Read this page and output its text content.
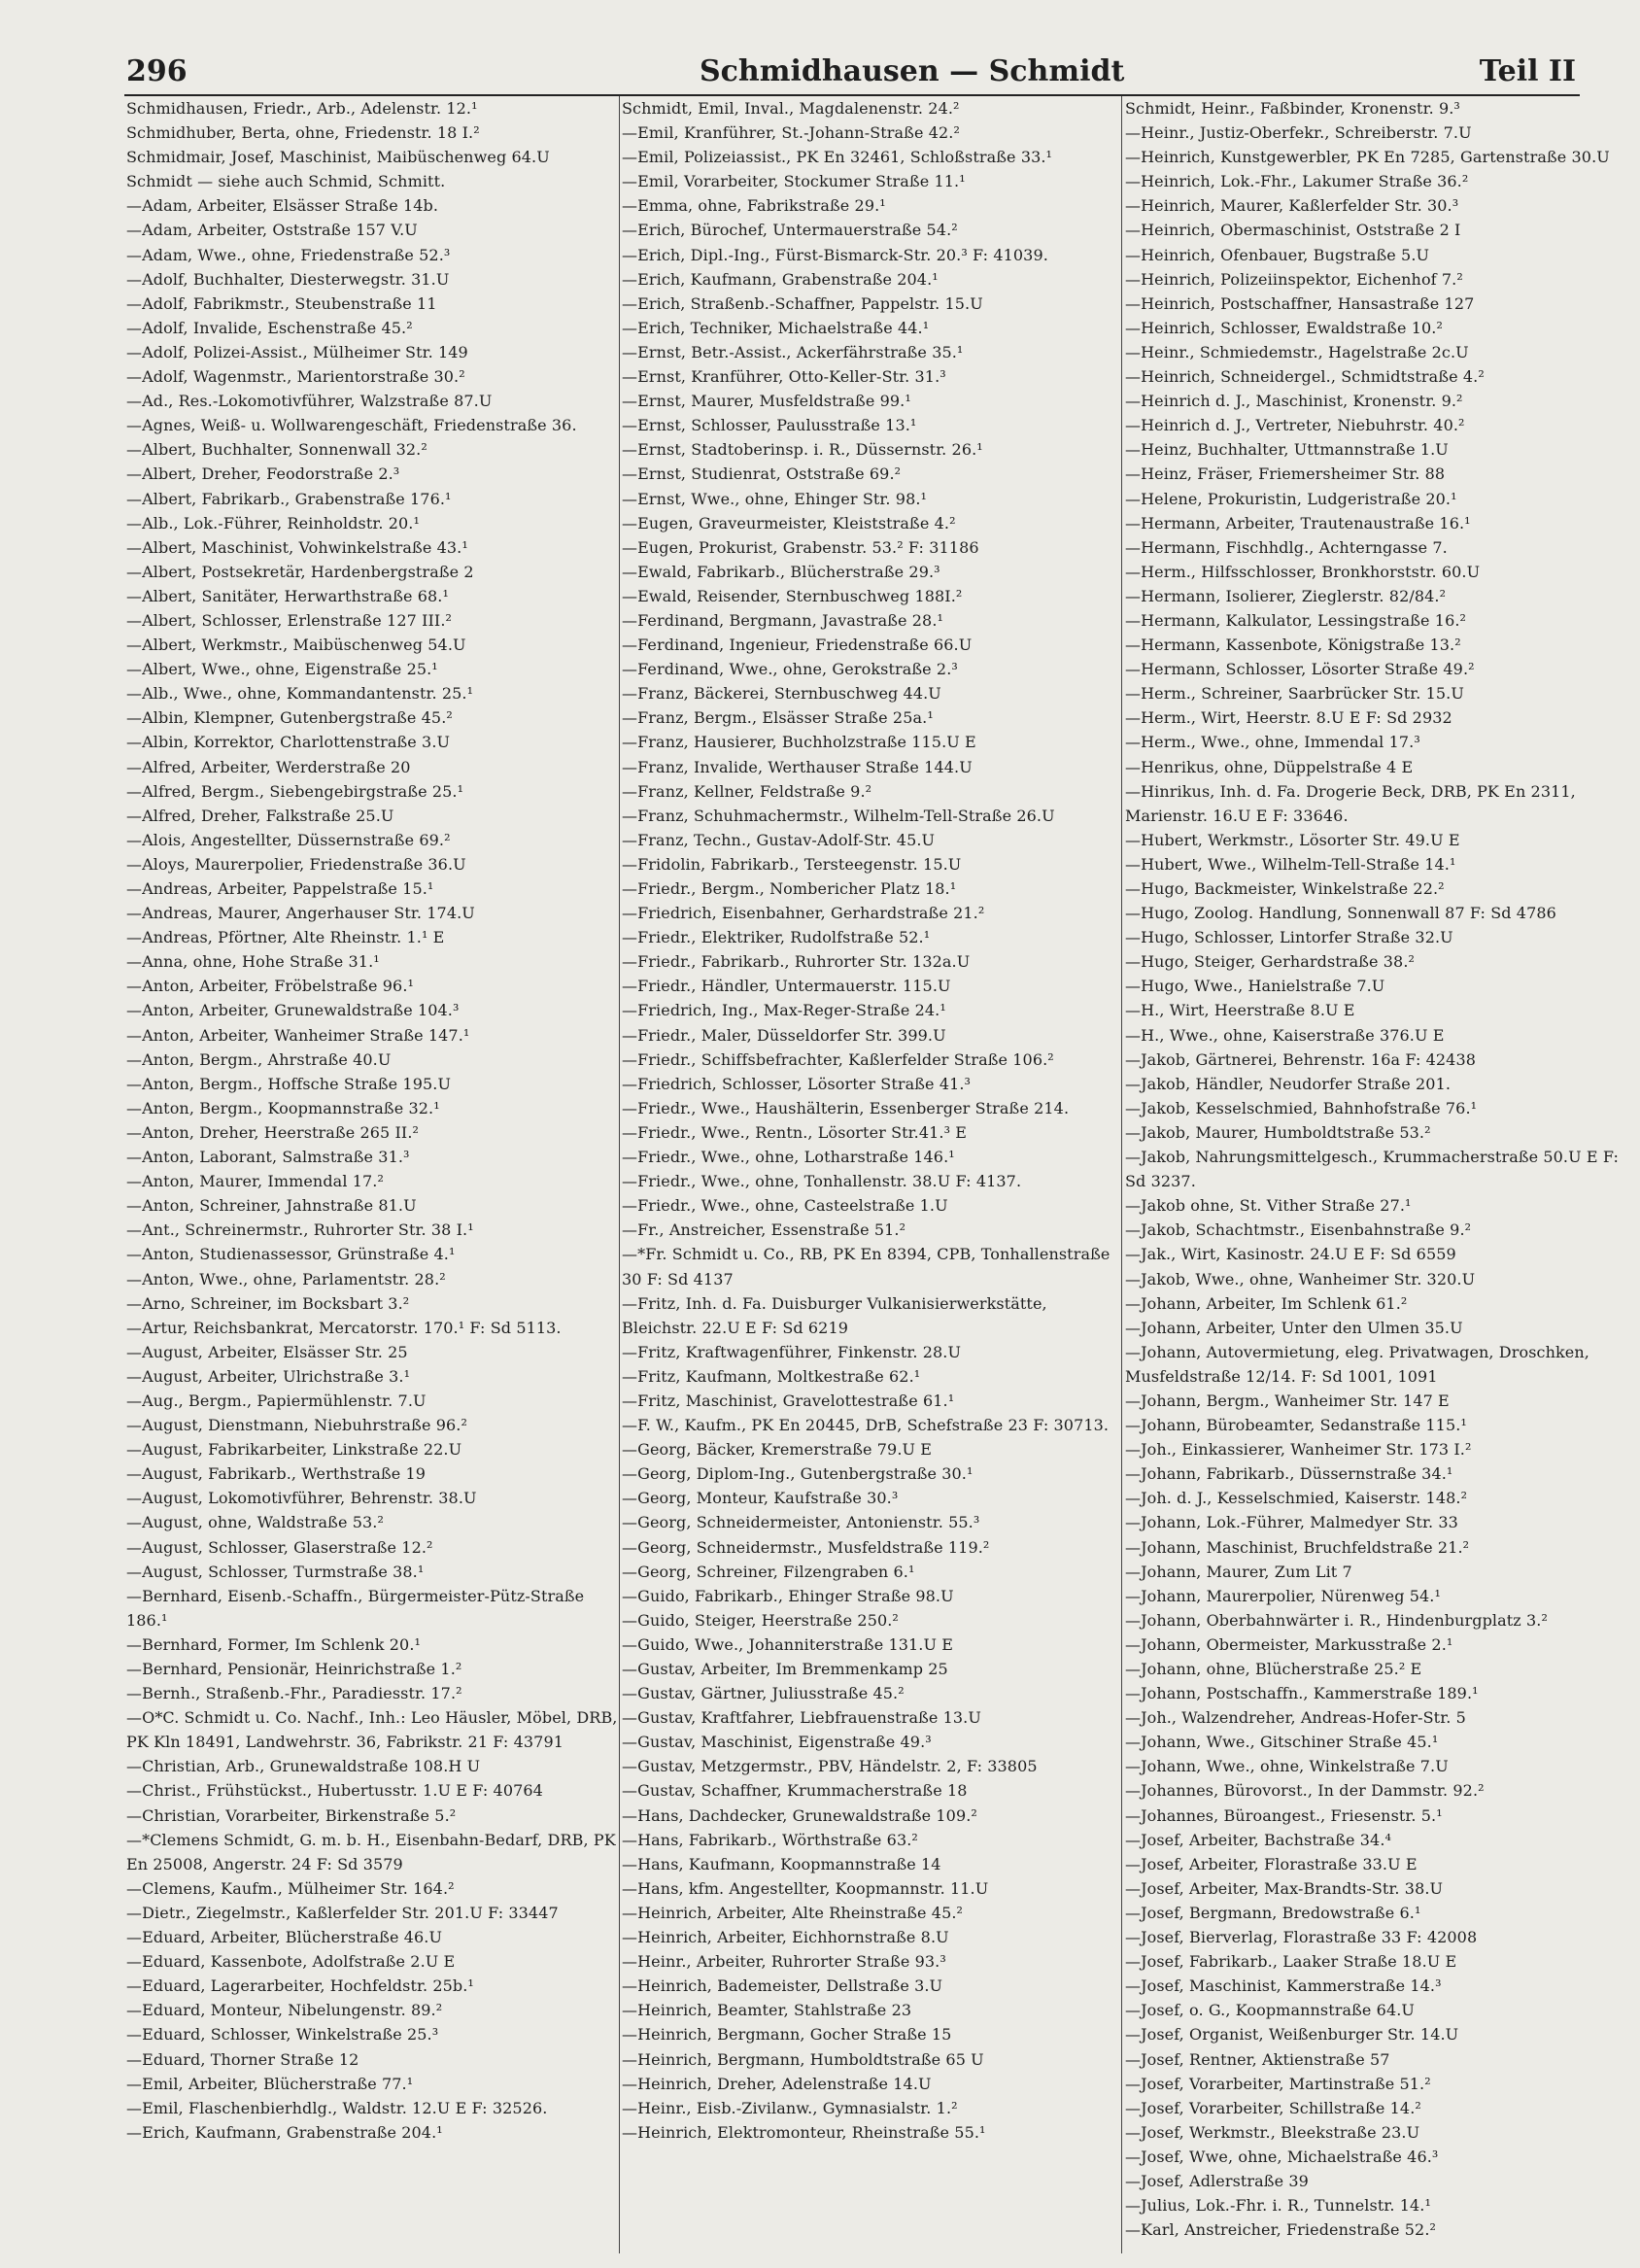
296	Schmidhausen — Schmidt	Teil II

Schmidhausen, Friedr., Arb., Adelenstr. 12.¹

Schmidhuber, Berta, ohne, Friedenstr. 18 I.²

Schmidmair, Josef, Maschinist, Maibüschenweg 64.U

Schmidt — siehe auch Schmid, Schmitt.

—Adam, Arbeiter, Elsässer Straße 14b.

—Adam, Arbeiter, Oststraße 157 V.U

—Adam, Wwe., ohne, Friedenstraße 52.³

—Adolf, Buchhalter, Diesterwegstr. 31.U

—Adolf, Fabrikmstr., Steubenstraße 11

—Adolf, Invalide, Eschenstraße 45.²

—Adolf, Polizei-Assist., Mülheimer Str. 149

—Adolf, Wagenmstr., Marientorstraße 30.²

—Ad., Res.-Lokomotivführer, Walzstraße 87.U

—Agnes, Weiß- u. Wollwarengeschäft, Friedenstraße 36.

—Albert, Buchhalter, Sonnenwall 32.²

—Albert, Dreher, Feodorstraße 2.³

—Albert, Fabrikarb., Grabenstraße 176.¹

—Alb., Lok.-Führer, Reinholdstr. 20.¹

—Albert, Maschinist, Vohwinkelstraße 43.¹

—Albert, Postsekretär, Hardenbergstraße 2

—Albert, Sanitäter, Herwarthstraße 68.¹

—Albert, Schlosser, Erlenstraße 127 III.²

—Albert, Werkmstr., Maibüschenweg 54.U

—Albert, Wwe., ohne, Eigenstraße 25.¹

—Alb., Wwe., ohne, Kommandantenstr. 25.¹

—Albin, Klempner, Gutenbergstraße 45.²

—Albin, Korrektor, Charlottenstraße 3.U

—Alfred, Arbeiter, Werderstraße 20

—Alfred, Bergm., Siebengebirgstraße 25.¹

—Alfred, Dreher, Falkstraße 25.U

—Alois, Angestellter, Düssernstraße 69.²

—Aloys, Maurerpolier, Friedenstraße 36.U

—Andreas, Arbeiter, Pappelstraße 15.¹

—Andreas, Maurer, Angerhauser Str. 174.U

—Andreas, Pförtner, Alte Rheinstr. 1.¹ E

—Anna, ohne, Hohe Straße 31.¹

—Anton, Arbeiter, Fröbelstraße 96.¹

—Anton, Arbeiter, Grunewaldstraße 104.³

—Anton, Arbeiter, Wanheimer Straße 147.¹

—Anton, Bergm., Ahrstraße 40.U

—Anton, Bergm., Hoffsche Straße 195.U

—Anton, Bergm., Koopmannstraße 32.¹

—Anton, Dreher, Heerstraße 265 II.²

—Anton, Laborant, Salmstraße 31.³

—Anton, Maurer, Immendal 17.²

—Anton, Schreiner, Jahnstraße 81.U

—Ant., Schreinermstr., Ruhrorter Str. 38 I.¹

—Anton, Studienassessor, Grünstraße 4.¹

—Anton, Wwe., ohne, Parlamentstr. 28.²

—Arno, Schreiner, im Bocksbart 3.²

—Artur, Reichsbankrat, Mercatorstr. 170.¹ F: Sd 5113.

—August, Arbeiter, Elsässer Str. 25

—August, Arbeiter, Ulrichstraße 3.¹

—Aug., Bergm., Papiermühlenstr. 7.U

—August, Dienstmann, Niebuhrstraße 96.²

—August, Fabrikarbeiter, Linkstraße 22.U

—August, Fabrikarb., Werthstraße 19

—August, Lokomotivführer, Behrenstr. 38.U

—August, ohne, Waldstraße 53.²

—August, Schlosser, Glaserstraße 12.²

—August, Schlosser, Turmstraße 38.¹

—Bernhard, Eisenb.-Schaffn., Bürgermeister-Pütz-Straße 186.¹

—Bernhard, Former, Im Schlenk 20.¹

—Bernhard, Pensionär, Heinrichstraße 1.²

—Bernh., Straßenb.-Fhr., Paradiesstr. 17.²

—O*C. Schmidt u. Co. Nachf., Inh.: Leo Häusler, Möbel, DRB, PK Kln 18491, Landwehrstr. 36, Fabrikstr. 21 F: 43791

—Christian, Arb., Grunewaldstraße 108.H U

—Christ., Frühstückst., Hubertusstr. 1.U E F: 40764

—Christian, Vorarbeiter, Birkenstraße 5.²

—*Clemens Schmidt, G. m. b. H., Eisenbahn-Bedarf, DRB, PK En 25008, Angerstr. 24 F: Sd 3579

—Clemens, Kaufm., Mülheimer Str. 164.²

—Dietr., Ziegelmstr., Kaßlerfelder Str. 201.U F: 33447

—Eduard, Arbeiter, Blücherstraße 46.U

—Eduard, Kassenbote, Adolfstraße 2.U E

—Eduard, Lagerarbeiter, Hochfeldstr. 25b.¹

—Eduard, Monteur, Nibelungenstr. 89.²

—Eduard, Schlosser, Winkelstraße 25.³

—Eduard, Thorner Straße 12

—Emil, Arbeiter, Blücherstraße 77.¹

—Emil, Flaschenbierhdlg., Waldstr. 12.U E F: 32526.

—Erich, Kaufmann, Grabenstraße 204.¹

Schmidt, Emil, Inval., Magdalenenstr. 24.²

—Emil, Kranführer, St.-Johann-Straße 42.²

—Emil, Polizeiassist., PK En 32461, Schloßstraße 33.¹

—Emil, Vorarbeiter, Stockumer Straße 11.¹

—Emma, ohne, Fabrikstraße 29.¹

—Erich, Bürochef, Untermauerstraße 54.²

—Erich, Dipl.-Ing., Fürst-Bismarck-Str. 20.³ F: 41039.

—Erich, Kaufmann, Grabenstraße 204.¹

—Erich, Straßenb.-Schaffner, Pappelstr. 15.U

—Erich, Techniker, Michaelstraße 44.¹

—Ernst, Betr.-Assist., Ackerfährstraße 35.¹

—Ernst, Kranführer, Otto-Keller-Str. 31.³

—Ernst, Maurer, Musfeldstraße 99.¹

—Ernst, Schlosser, Paulusstraße 13.¹

—Ernst, Stadtoberinsp. i. R., Düssernstr. 26.¹

—Ernst, Studienrat, Oststraße 69.²

—Ernst, Wwe., ohne, Ehinger Str. 98.¹

—Eugen, Graveurmeister, Kleiststraße 4.²

—Eugen, Prokurist, Grabenstr. 53.² F: 31186

—Ewald, Fabrikarb., Blücherstraße 29.³

—Ewald, Reisender, Sternbuschweg 188I.²

—Ferdinand, Bergmann, Javastraße 28.¹

—Ferdinand, Ingenieur, Friedenstraße 66.U

—Ferdinand, Wwe., ohne, Gerokstraße 2.³

—Franz, Bäckerei, Sternbuschweg 44.U

—Franz, Bergm., Elsässer Straße 25a.¹

—Franz, Hausierer, Buchholzstraße 115.U E

—Franz, Invalide, Werthauser Straße 144.U

—Franz, Kellner, Feldstraße 9.²

—Franz, Schuhmachermstr., Wilhelm-Tell-Straße 26.U

—Franz, Techn., Gustav-Adolf-Str. 45.U

—Fridolin, Fabrikarb., Tersteegenstr. 15.U

—Friedr., Bergm., Nombericher Platz 18.¹

—Friedrich, Eisenbahner, Gerhardstraße 21.²

—Friedr., Elektriker, Rudolfstraße 52.¹

—Friedr., Fabrikarb., Ruhrorter Str. 132a.U

—Friedr., Händler, Untermauerstr. 115.U

—Friedrich, Ing., Max-Reger-Straße 24.¹

—Friedr., Maler, Düsseldorfer Str. 399.U

—Friedr., Schiffsbefrachter, Kaßlerfelder Straße 106.²

—Friedrich, Schlosser, Lösorter Straße 41.³

—Friedr., Wwe., Haushälterin, Essenberger Straße 214.

—Friedr., Wwe., Rentn., Lösorter Str.41.³ E

—Friedr., Wwe., ohne, Lotharstraße 146.¹

—Friedr., Wwe., ohne, Tonhallenstr. 38.U F: 4137.

—Friedr., Wwe., ohne, Casteelstraße 1.U

—Fr., Anstreicher, Essenstraße 51.²

—*Fr. Schmidt u. Co., RB, PK En 8394, CPB, Tonhallenstraße 30 F: Sd 4137

—Fritz, Inh. d. Fa. Duisburger Vulkanisierwerkstätte, Bleichstr. 22.U E F: Sd 6219

—Fritz, Kraftwagenführer, Finkenstr. 28.U

—Fritz, Kaufmann, Moltkestraße 62.¹

—Fritz, Maschinist, Gravelottestraße 61.¹

—F. W., Kaufm., PK En 20445, DrB, Schefstraße 23 F: 30713.

—Georg, Bäcker, Kremerstraße 79.U E

—Georg, Diplom-Ing., Gutenbergstraße 30.¹

—Georg, Monteur, Kaufstraße 30.³

—Georg, Schneidermeister, Antonienstr. 55.³

—Georg, Schneidermstr., Musfeldstraße 119.²

—Georg, Schreiner, Filzengraben 6.¹

—Guido, Fabrikarb., Ehinger Straße 98.U

—Guido, Steiger, Heerstraße 250.²

—Guido, Wwe., Johanniterstraße 131.U E

—Gustav, Arbeiter, Im Bremmenkamp 25

—Gustav, Gärtner, Juliusstraße 45.²

—Gustav, Kraftfahrer, Liebfrauenstraße 13.U

—Gustav, Maschinist, Eigenstraße 49.³

—Gustav, Metzgermstr., PBV, Händelstr. 2, F: 33805

—Gustav, Schaffner, Krummacherstraße 18

—Hans, Dachdecker, Grunewaldstraße 109.²

—Hans, Fabrikarb., Wörthstraße 63.²

—Hans, Kaufmann, Koopmannstraße 14

—Hans, kfm. Angestellter, Koopmannstr. 11.U

—Heinrich, Arbeiter, Alte Rheinstraße 45.²

—Heinrich, Arbeiter, Eichhornstraße 8.U

—Heinr., Arbeiter, Ruhrorter Straße 93.³

—Heinrich, Bademeister, Dellstraße 3.U

—Heinrich, Beamter, Stahlstraße 23

—Heinrich, Bergmann, Gocher Straße 15

—Heinrich, Bergmann, Humboldtstraße 65 U

—Heinrich, Dreher, Adelenstraße 14.U

—Heinr., Eisb.-Zivilanw., Gymnasialstr. 1.²

—Heinrich, Elektromonteur, Rheinstraße 55.¹

Schmidt, Heinr., Faßbinder, Kronenstr. 9.³

—Heinr., Justiz-Oberfekr., Schreiberstr. 7.U

—Heinrich, Kunstgewerbler, PK En 7285, Gartenstraße 30.U

—Heinrich, Lok.-Fhr., Lakumer Straße 36.²

—Heinrich, Maurer, Kaßlerfelder Str. 30.³

—Heinrich, Obermaschinist, Oststraße 2 I

—Heinrich, Ofenbauer, Bugstraße 5.U

—Heinrich, Polizeiinspektor, Eichenhof 7.²

—Heinrich, Postschaffner, Hansastraße 127

—Heinrich, Schlosser, Ewaldstraße 10.²

—Heinr., Schmiedemstr., Hagelstraße 2c.U

—Heinrich, Schneidergel., Schmidtstraße 4.²

—Heinrich d. J., Maschinist, Kronenstr. 9.²

—Heinrich d. J., Vertreter, Niebuhrstr. 40.²

—Heinz, Buchhalter, Uttmannstraße 1.U

—Heinz, Fräser, Friemersheimer Str. 88

—Helene, Prokuristin, Ludgeristraße 20.¹

—Hermann, Arbeiter, Trautenaustraße 16.¹

—Hermann, Fischhdlg., Achterngasse 7.

—Herm., Hilfsschlosser, Bronkhorststr. 60.U

—Hermann, Isolierer, Zieglerstr. 82/84.²

—Hermann, Kalkulator, Lessingstraße 16.²

—Hermann, Kassenbote, Königstraße 13.²

—Hermann, Schlosser, Lösorter Straße 49.²

—Herm., Schreiner, Saarbrücker Str. 15.U

—Herm., Wirt, Heerstr. 8.U E F: Sd 2932

—Herm., Wwe., ohne, Immendal 17.³

—Henrikus, ohne, Düppelstraße 4 E

—Hinrikus, Inh. d. Fa. Drogerie Beck, DRB, PK En 2311, Marienstr. 16.U E F: 33646.

—Hubert, Werkmstr., Lösorter Str. 49.U E

—Hubert, Wwe., Wilhelm-Tell-Straße 14.¹

—Hugo, Backmeister, Winkelstraße 22.²

—Hugo, Zoolog. Handlung, Sonnenwall 87 F: Sd 4786

—Hugo, Schlosser, Lintorfer Straße 32.U

—Hugo, Steiger, Gerhardstraße 38.²

—Hugo, Wwe., Hanielstraße 7.U

—H., Wirt, Heerstraße 8.U E

—H., Wwe., ohne, Kaiserstraße 376.U E

—Jakob, Gärtnerei, Behrenstr. 16a F: 42438

—Jakob, Händler, Neudorfer Straße 201.

—Jakob, Kesselschmied, Bahnhofstraße 76.¹

—Jakob, Maurer, Humboldtstraße 53.²

—Jakob, Nahrungsmittelgesch., Krummacherstraße 50.U E F: Sd 3237.

—Jakob ohne, St. Vither Straße 27.¹

—Jakob, Schachtmstr., Eisenbahnstraße 9.²

—Jak., Wirt, Kasinostr. 24.U E F: Sd 6559

—Jakob, Wwe., ohne, Wanheimer Str. 320.U

—Johann, Arbeiter, Im Schlenk 61.²

—Johann, Arbeiter, Unter den Ulmen 35.U

—Johann, Autovermietung, eleg. Privatwagen, Droschken, Musfeldstraße 12/14. F: Sd 1001, 1091

—Johann, Bergm., Wanheimer Str. 147 E

—Johann, Bürobeamter, Sedanstraße 115.¹

—Joh., Einkassierer, Wanheimer Str. 173 I.²

—Johann, Fabrikarb., Düssernstraße 34.¹

—Joh. d. J., Kesselschmied, Kaiserstr. 148.²

—Johann, Lok.-Führer, Malmedyer Str. 33

—Johann, Maschinist, Bruchfeldstraße 21.²

—Johann, Maurer, Zum Lit 7

—Johann, Maurerpolier, Nürenweg 54.¹

—Johann, Oberbahnwärter i. R., Hindenburgplatz 3.²

—Johann, Obermeister, Markusstraße 2.¹

—Johann, ohne, Blücherstraße 25.² E

—Johann, Postschaffn., Kammerstraße 189.¹

—Joh., Walzendreher, Andreas-Hofer-Str. 5

—Johann, Wwe., Gitschiner Straße 45.¹

—Johann, Wwe., ohne, Winkelstraße 7.U

—Johannes, Bürovorst., In der Dammstr. 92.²

—Johannes, Büroangest., Friesenstr. 5.¹

—Josef, Arbeiter, Bachstraße 34.⁴

—Josef, Arbeiter, Florastraße 33.U E

—Josef, Arbeiter, Max-Brandts-Str. 38.U

—Josef, Bergmann, Bredowstraße 6.¹

—Josef, Bierverlag, Florastraße 33 F: 42008

—Josef, Fabrikarb., Laaker Straße 18.U E

—Josef, Maschinist, Kammerstraße 14.³

—Josef, o. G., Koopmannstraße 64.U

—Josef, Organist, Weißenburger Str. 14.U

—Josef, Rentner, Aktienstraße 57

—Josef, Vorarbeiter, Martinstraße 51.²

—Josef, Vorarbeiter, Schillstraße 14.²

—Josef, Werkmstr., Bleekstraße 23.U

—Josef, Wwe, ohne, Michaelstraße 46.³

—Josef, Adlerstraße 39

—Julius, Lok.-Fhr. i. R., Tunnelstr. 14.¹

—Karl, Anstreicher, Friedenstraße 52.²
